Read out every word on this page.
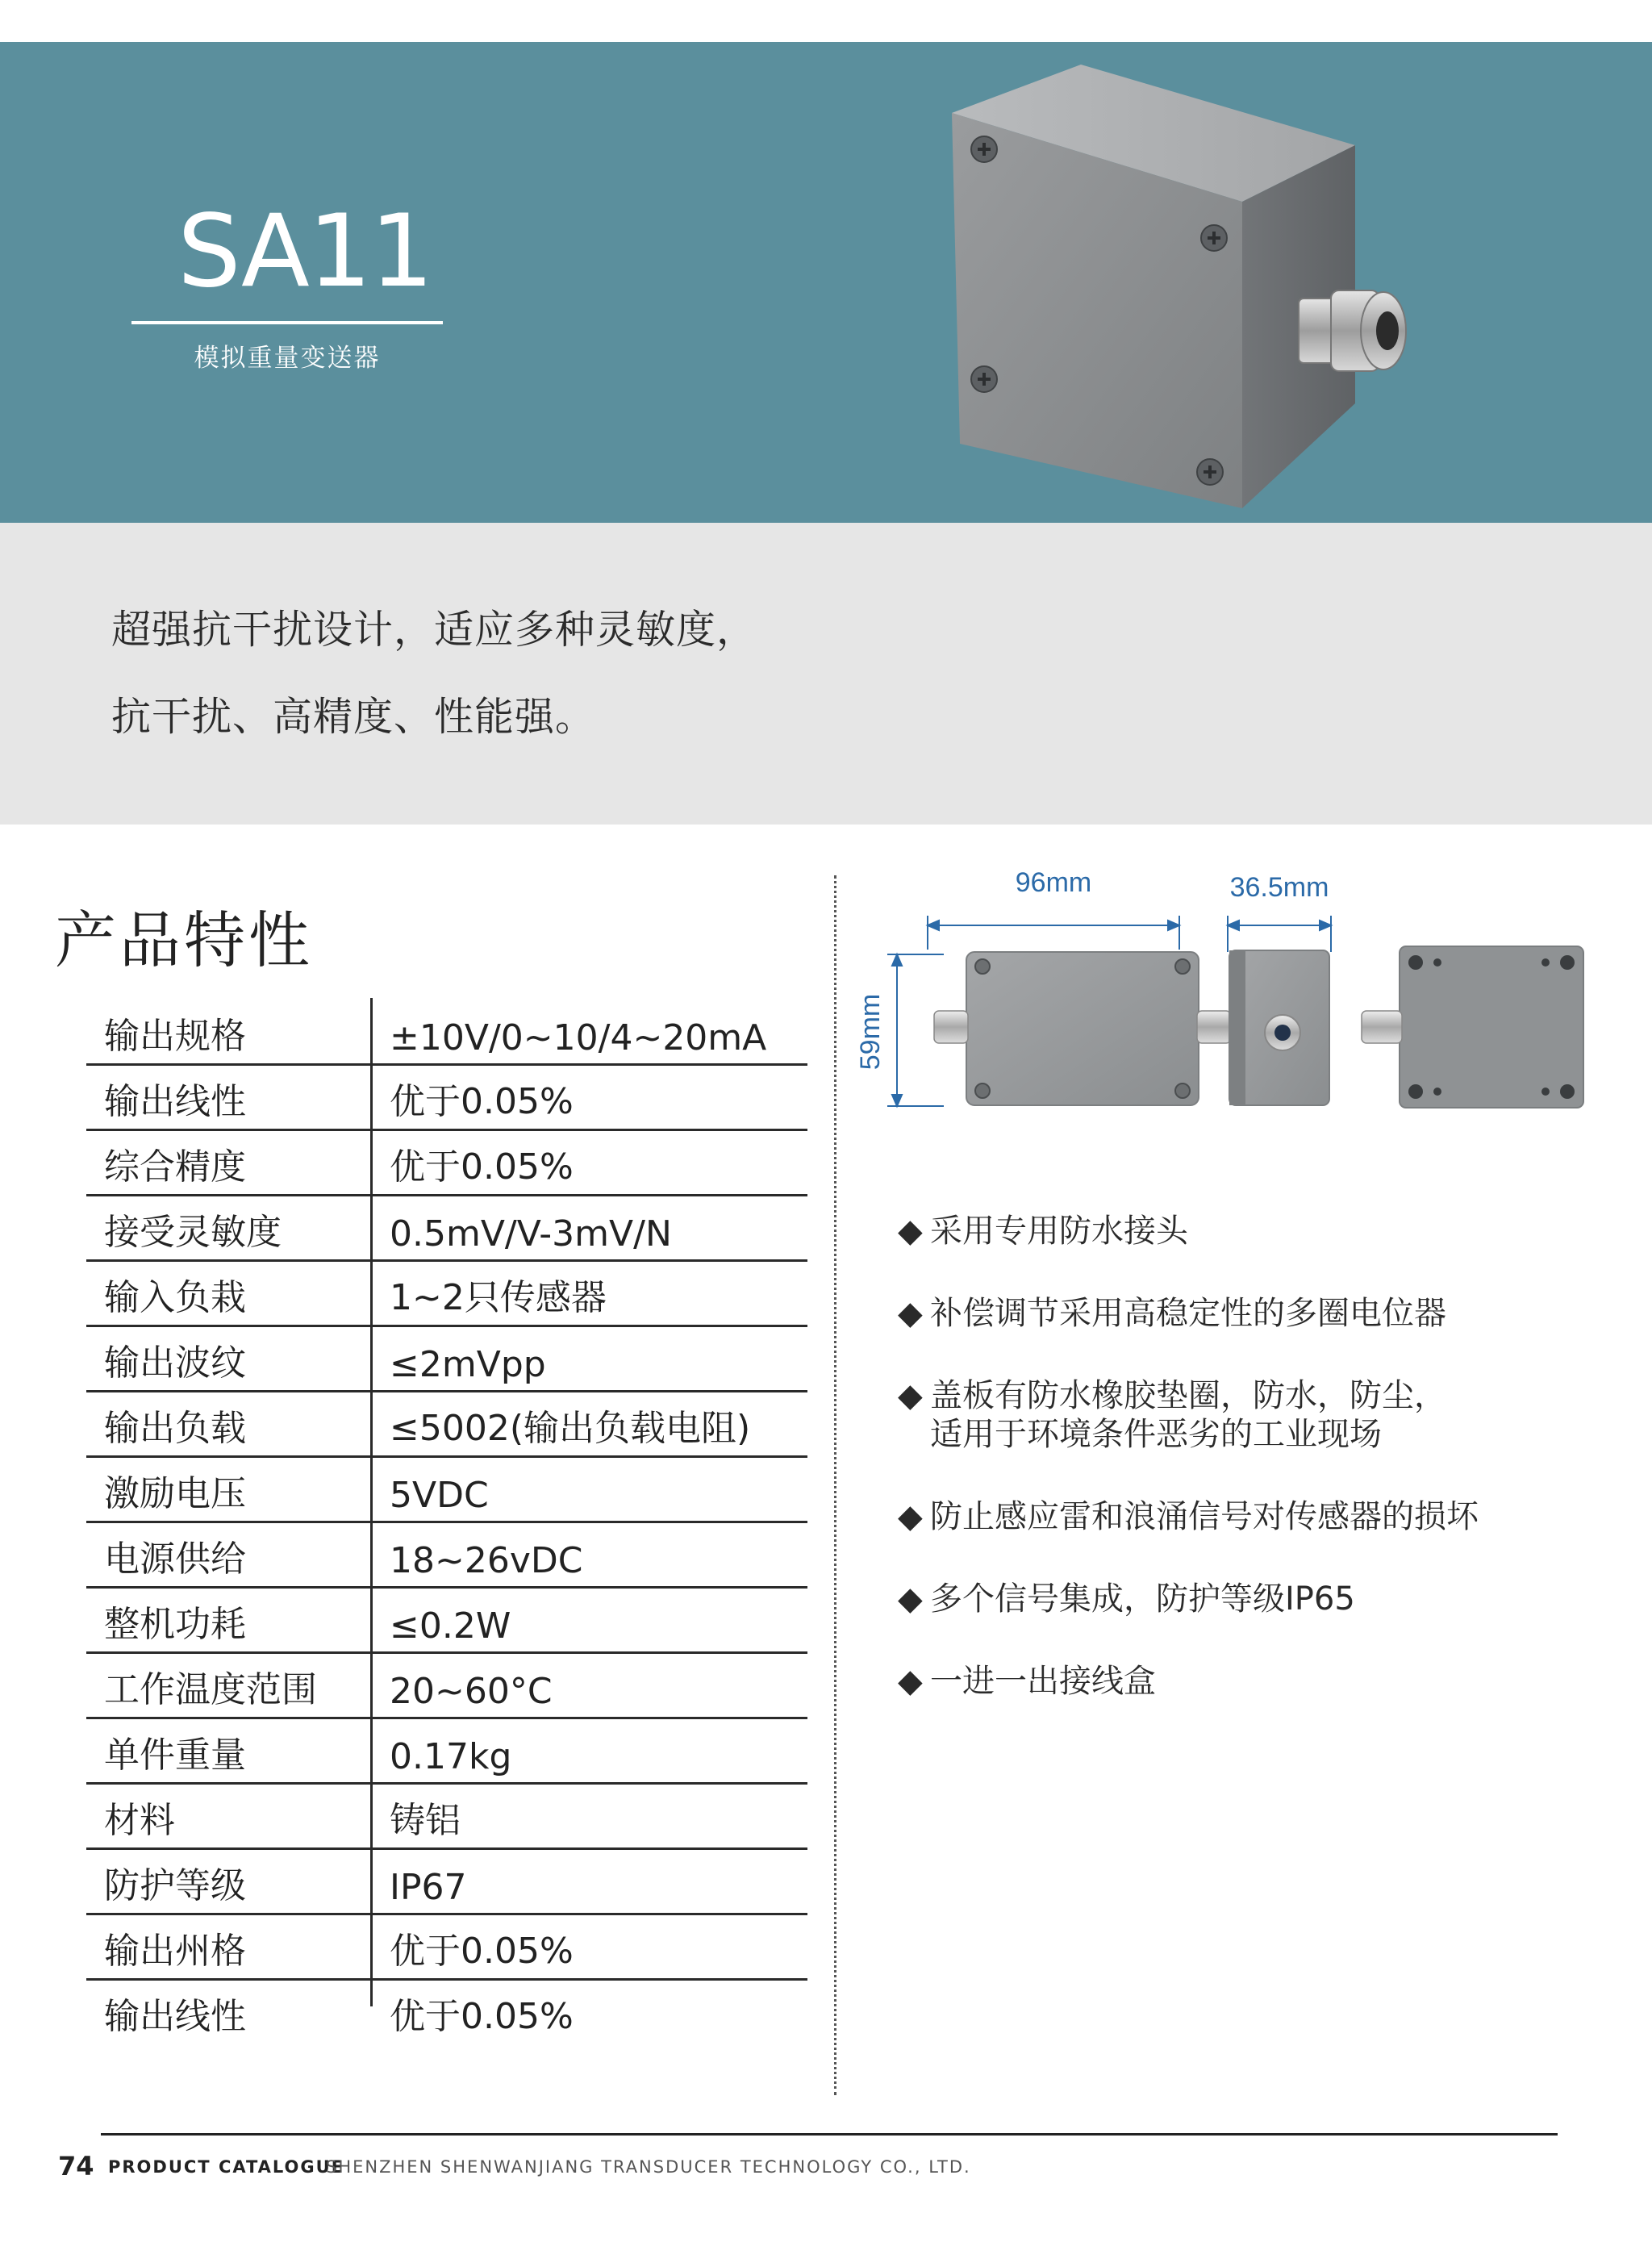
SA11
模拟重量变送器
超强抗干扰设计，适应多种灵敏度，
抗干扰、高精度、性能强。
产品特性
输出规格	±10V/0~10/4~20mA
输出线性	优于0.05%
综合精度	优于0.05%
接受灵敏度	0.5mV/V-3mV/N
输入负栽	1~2只传感器
输出波纹	≤2mVpp
输出负载	≤5002(输出负载电阻)
激励电压	5VDC
电源供给	18~26vDC
整机功耗	≤0.2W
工作温度范围 20~60°C
单件重量	0.17kg
材料	铸铝
防护等级	IP67
输出州格	优于0.05%
输出线性	优于0.05%
96mm	36.5mm
59mm
◆ 采用专用防水接头
◆ 补偿调节采用高稳定性的多圈电位器
◆ 盖板有防水橡胶垫圈，防水，防尘，
适用于环境条件恶劣的工业现场
◆ 防止感应雷和浪涌信号对传感器的损坏
◆ 多个信号集成，防护等级IP65
◆ 一进一出接线盒
74 PRODUCT CATALOGUE
SHENZHEN SHENWANJIANG TRANSDUCER TECHNOLOGY CO., LTD.
